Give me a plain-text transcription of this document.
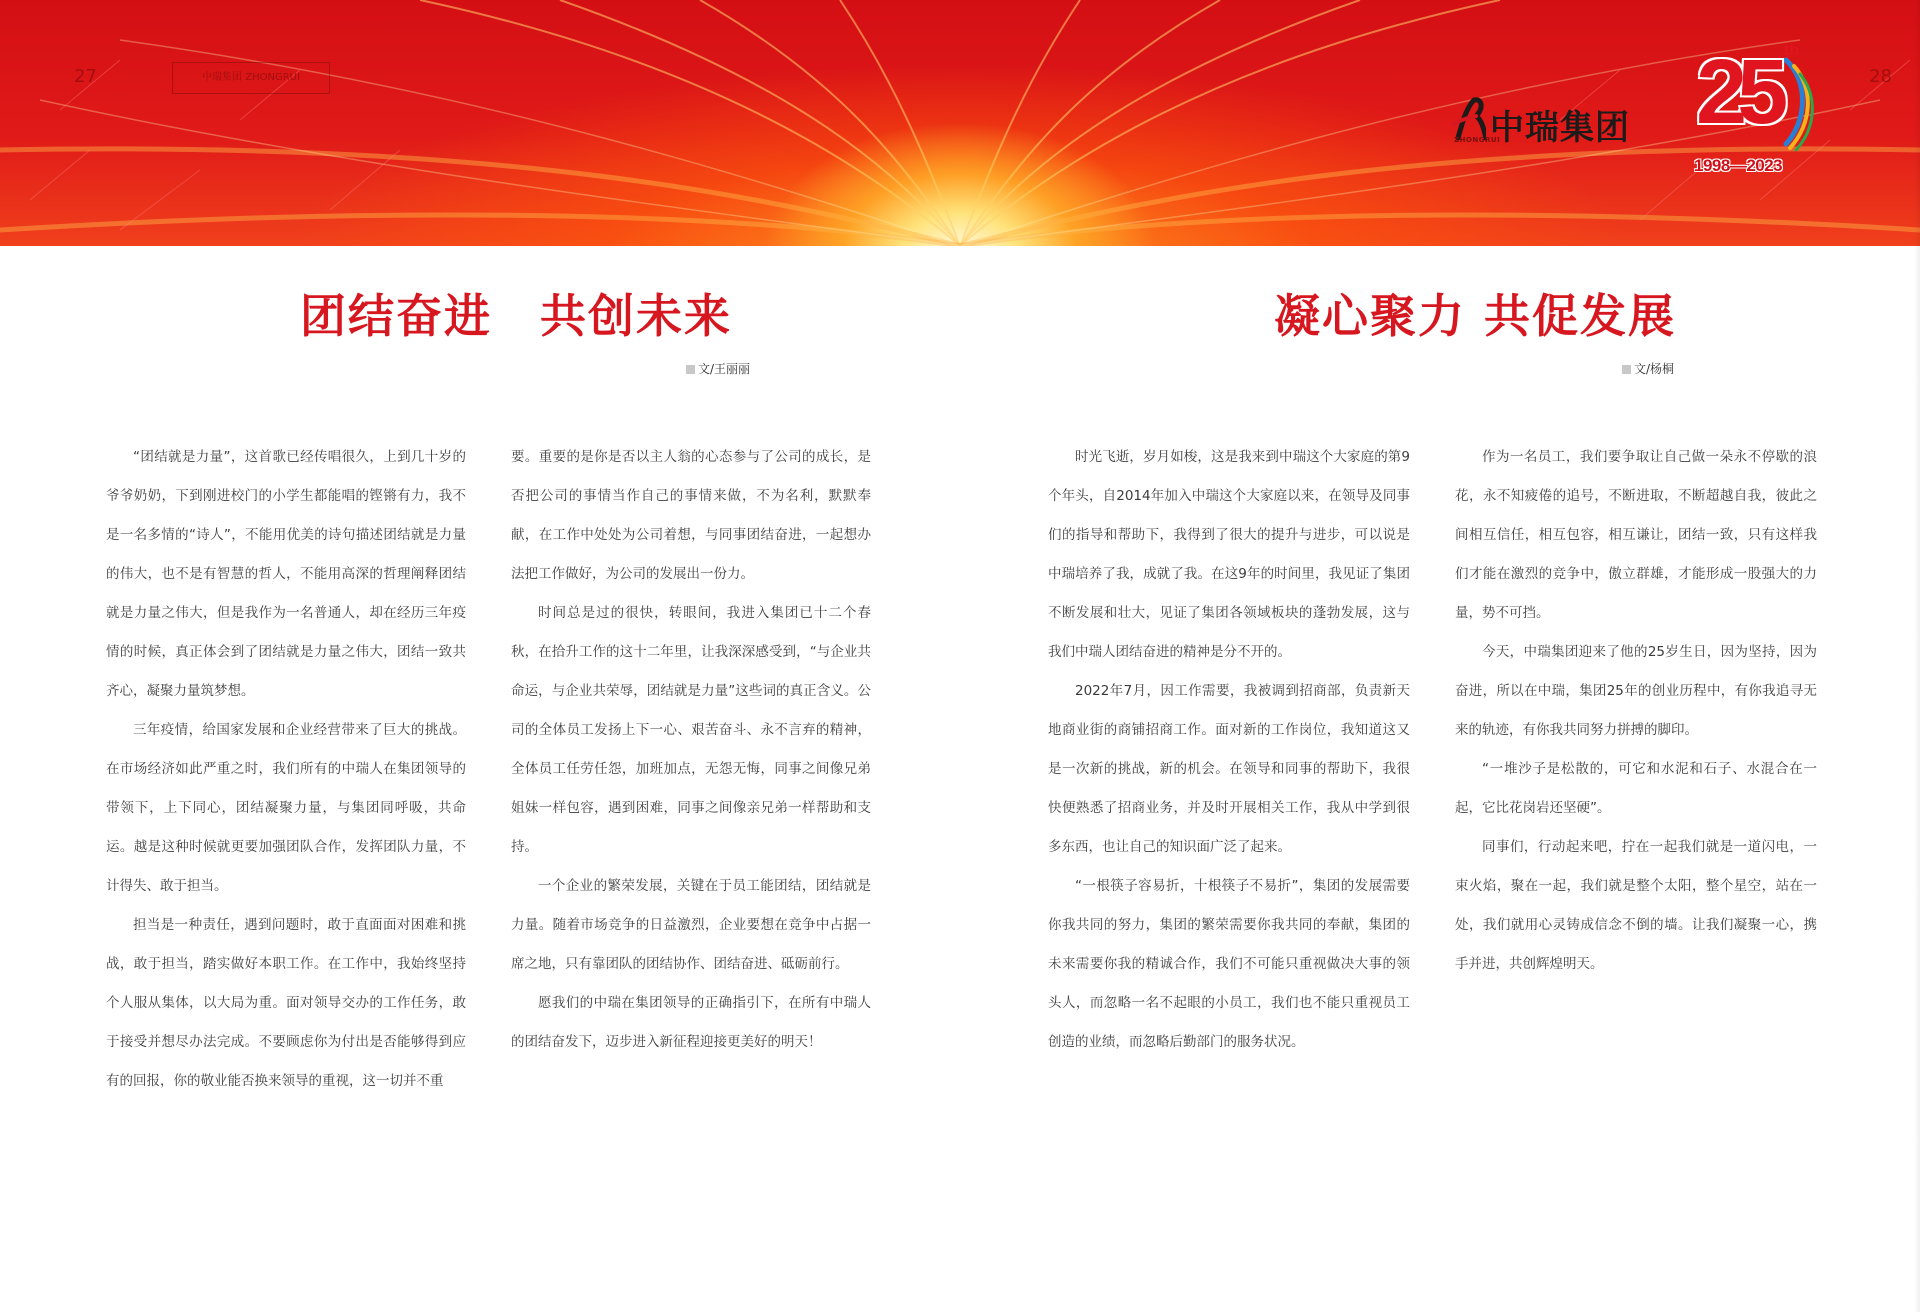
27	中瑞集团 ZHONGRUI	28
ZHONGRUI
中瑞集团 25 th
1998—2023
团结奋进　共创未来
文/王丽丽

“团结就是力量”，这首歌已经传唱很久，上到几十岁的爷爷奶奶，下到刚进校门的小学生都能唱的铿锵有力，我不是一名多情的“诗人”，不能用优美的诗句描述团结就是力量的伟大，也不是有智慧的哲人，不能用高深的哲理阐释团结就是力量之伟大，但是我作为一名普通人，却在经历三年疫情的时候，真正体会到了团结就是力量之伟大，团结一致共齐心，凝聚力量筑梦想。

三年疫情，给国家发展和企业经营带来了巨大的挑战。在市场经济如此严重之时，我们所有的中瑞人在集团领导的带领下，上下同心，团结凝聚力量，与集团同呼吸，共命运。越是这种时候就更要加强团队合作，发挥团队力量，不计得失、敢于担当。

担当是一种责任，遇到问题时，敢于直面面对困难和挑战，敢于担当，踏实做好本职工作。在工作中，我始终坚持个人服从集体，以大局为重。面对领导交办的工作任务，敢于接受并想尽办法完成。不要顾虑你为付出是否能够得到应有的回报，你的敬业能否换来领导的重视，这一切并不重

要。重要的是你是否以主人翁的心态参与了公司的成长，是否把公司的事情当作自己的事情来做，不为名利，默默奉献，在工作中处处为公司着想，与同事团结奋进，一起想办法把工作做好，为公司的发展出一份力。

时间总是过的很快，转眼间，我进入集团已十二个春秋，在拾升工作的这十二年里，让我深深感受到，“与企业共命运，与企业共荣辱，团结就是力量”这些词的真正含义。公司的全体员工发扬上下一心、艰苦奋斗、永不言弃的精神，全体员工任劳任怨，加班加点，无怨无悔，同事之间像兄弟姐妹一样包容，遇到困难，同事之间像亲兄弟一样帮助和支持。

一个企业的繁荣发展，关键在于员工能团结，团结就是力量。随着市场竞争的日益激烈，企业要想在竞争中占据一席之地，只有靠团队的团结协作、团结奋进、砥砺前行。

愿我们的中瑞在集团领导的正确指引下，在所有中瑞人的团结奋发下，迈步进入新征程迎接更美好的明天！

凝心聚力 共促发展
文/杨桐

时光飞逝，岁月如梭，这是我来到中瑞这个大家庭的第9个年头，自2014年加入中瑞这个大家庭以来，在领导及同事们的指导和帮助下，我得到了很大的提升与进步，可以说是中瑞培养了我，成就了我。在这9年的时间里，我见证了集团不断发展和壮大，见证了集团各领域板块的蓬勃发展，这与我们中瑞人团结奋进的精神是分不开的。

2022年7月，因工作需要，我被调到招商部，负责新天地商业街的商铺招商工作。面对新的工作岗位，我知道这又是一次新的挑战，新的机会。在领导和同事的帮助下，我很快便熟悉了招商业务，并及时开展相关工作，我从中学到很多东西，也让自己的知识面广泛了起来。

“一根筷子容易折，十根筷子不易折”，集团的发展需要你我共同的努力，集团的繁荣需要你我共同的奉献，集团的未来需要你我的精诚合作，我们不可能只重视做决大事的领头人，而忽略一名不起眼的小员工，我们也不能只重视员工创造的业绩，而忽略后勤部门的服务状况。

作为一名员工，我们要争取让自己做一朵永不停歇的浪花，永不知疲倦的追号，不断进取，不断超越自我，彼此之间相互信任，相互包容，相互谦让，团结一致，只有这样我们才能在激烈的竞争中，傲立群雄，才能形成一股强大的力量，势不可挡。

今天，中瑞集团迎来了他的25岁生日，因为坚持，因为奋进，所以在中瑞，集团25年的创业历程中，有你我追寻无来的轨迹，有你我共同努力拼搏的脚印。

“一堆沙子是松散的，可它和水泥和石子、水混合在一起，它比花岗岩还坚硬”。

同事们，行动起来吧，拧在一起我们就是一道闪电，一束火焰，聚在一起，我们就是整个太阳，整个星空，站在一处，我们就用心灵铸成信念不倒的墙。让我们凝聚一心，携手并进，共创辉煌明天。
